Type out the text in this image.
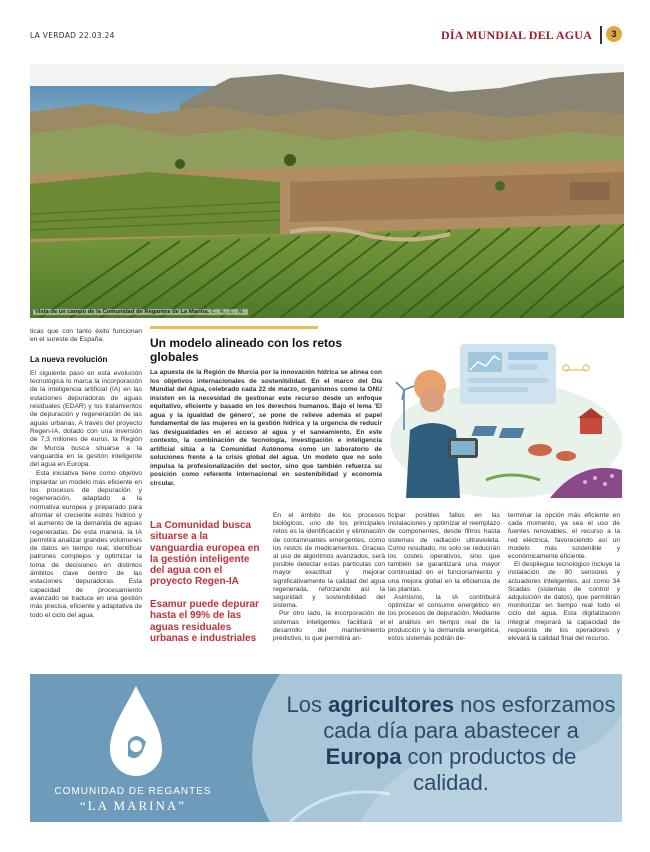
LA VERDAD 22.03.24	DÍA MUNDIAL DEL AGUA	3
Vista de un campo de la Comunidad de Regantes de La Marina. C. R. L. M.

ticas que con tanto éxito funcionan en el sureste de España.

La nueva revolución

El siguiente paso en esta evolución tecnológica lo marca la incorporación de la inteligencia artificial (IA) en las estaciones depuradoras de aguas residuales (EDAR) y los tratamientos de depuración y regeneración de las aguas urbanas. A través del proyecto Regen-IA, dotado con una inversión de 7,3 millones de euros, la Región de Murcia busca situarse a la vanguardia en la gestión inteligente del agua en Europa.

Esta iniciativa tiene como objetivo implantar un modelo más eficiente en los procesos de depuración y regeneración, adaptado a la normativa europea y preparado para afrontar el creciente estrés hídrico y el aumento de la demanda de aguas regeneradas. De esta manera, la IA permitirá analizar grandes volúmenes de datos en tiempo real, identificar patrones complejos y optimizar la toma de decisiones en distintos ámbitos clave dentro de las estaciones depuradoras. Esta capacidad de procesamiento avanzado se traduce en una gestión más precisa, eficiente y adaptativa de todo el ciclo del agua.

Un modelo alineado con los retos globales
La apuesta de la Región de Murcia por la innovación hídrica se alinea con los objetivos internacionales de sostenibilidad. En el marco del Día Mundial del Agua, celebrado cada 22 de marzo, organismos como la ONU insisten en la necesidad de gestionar este recurso desde un enfoque equitativo, eficiente y basado en los derechos humanos. Bajo el lema 'El agua y la igualdad de género', se pone de relieve además el papel fundamental de las mujeres en la gestión hídrica y la urgencia de reducir las desigualdades en el acceso al agua y el saneamiento. En este contexto, la combinación de tecnología, investigación e inteligencia artificial sitúa a la Comunidad Autónoma como un laboratorio de soluciones frente a la crisis global del agua. Un modelo que no solo impulsa la profesionalización del sector, sino que también refuerza su posición como referente internacional en sostenibilidad y economía circular.
La Comunidad busca situarse a la vanguardia europea en la gestión inteligente del agua con el proyecto Regen-IA
Esamur puede depurar hasta el 99% de las aguas residuales urbanas e industriales

En el ámbito de los procesos biológicos, uno de los principales retos es la identificación y eliminación de contaminantes emergentes, como los restos de medicamentos. Gracias al uso de algoritmos avanzados, será posible detectar estas partículas con mayor exactitud y mejorar significativamente la calidad del agua regenerada, reforzando así la seguridad y sostenibilidad del sistema.

Por otro lado, la incorporación de sistemas inteligentes facilitará el desarrollo del mantenimiento predictivo, lo que permitirá an-

ticipar posibles fallos en las instalaciones y optimizar el reemplazo de componentes, desde filtros hasta sistemas de radiación ultravioleta. Como resultado, no solo se reducirán los costes operativos, sino que también se garantizará una mayor continuidad en el funcionamiento y una mejora global en la eficiencia de las plantas.

Asimismo, la IA contribuirá optimizar el consumo energético en los procesos de depuración. Mediante el análisis en tiempo real de la producción y la demanda energética, estos sistemas podrán de-

terminar la opción más eficiente en cada momento, ya sea el uso de fuentes renovables, el recurso a la red eléctrica, favoreciendo así un modelo más sostenible y económicamente eficiente.

El despliegue tecnológico incluye la instalación de 90 sensores y actuadores inteligentes, así como 34 Scadas (sistemas de control y adquisición de datos), que permitirán monitorizar en tiempo real todo el ciclo del agua. Esta digitalización integral mejorará la capacidad de respuesta de los operadores y elevará la calidad final del recurso.

COMUNIDAD DE REGANTES
“LA MARINA”
Los agricultores nos esforzamos cada día para abastecer a Europa con productos de calidad.
